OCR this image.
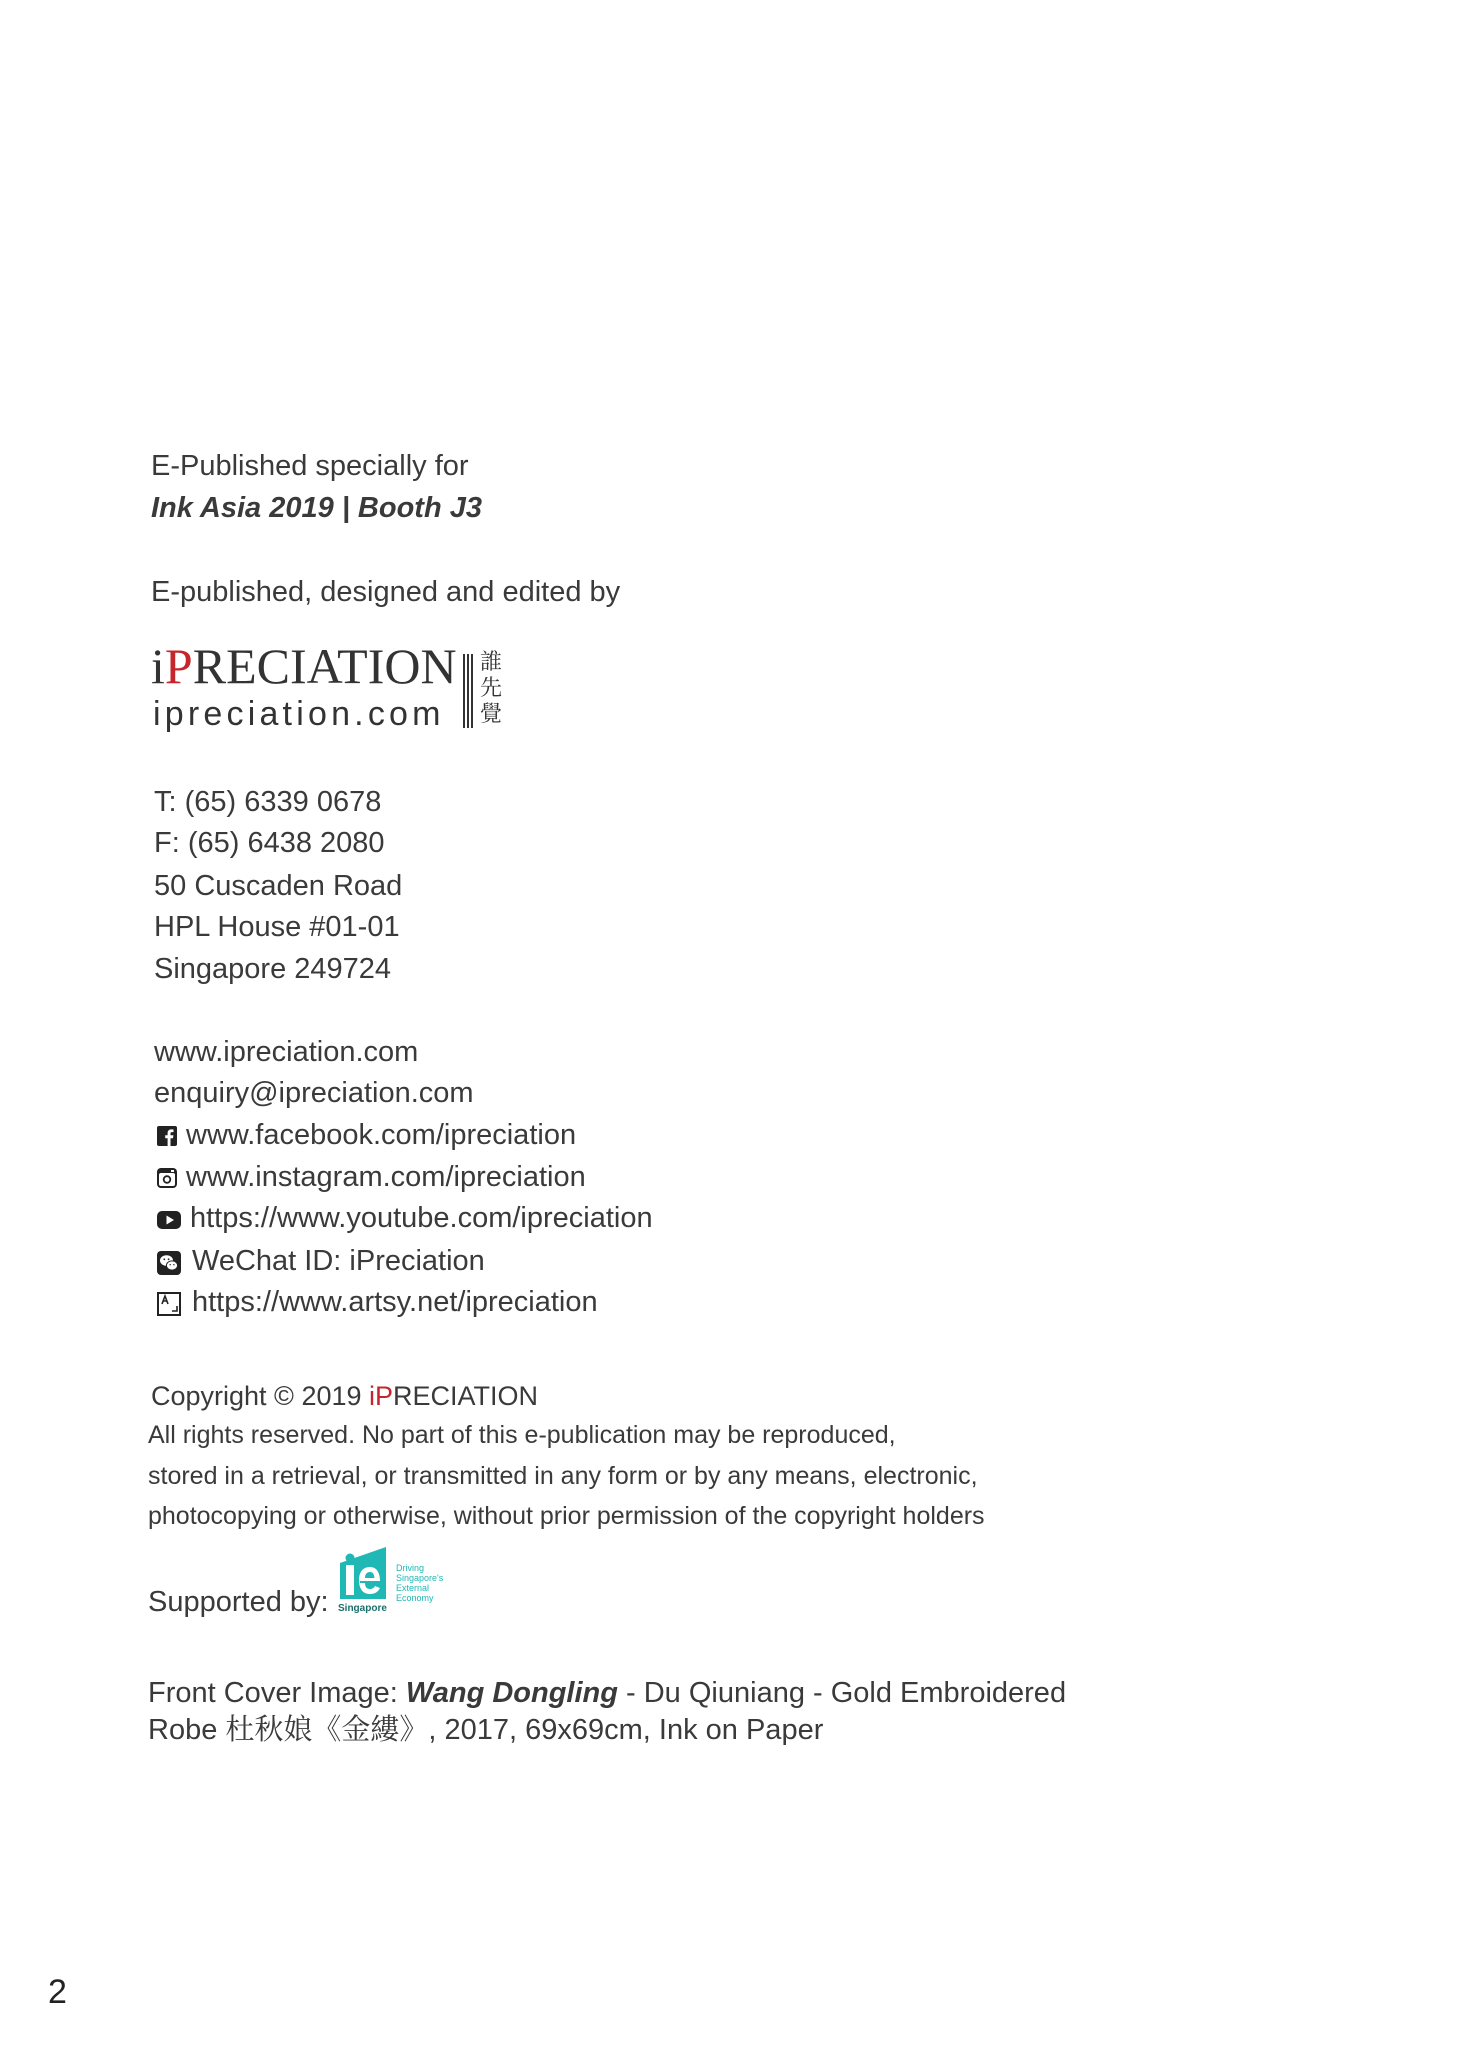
E-Published specially for
Ink Asia 2019 | Booth J3
E-published, designed and edited by
iPRECIATION
ipreciation.com
誰
先
覺
T: (65) 6339 0678
F: (65) 6438 2080
50 Cuscaden Road
HPL House #01-01
Singapore 249724
www.ipreciation.com
enquiry@ipreciation.com
www.facebook.com/ipreciation
www.instagram.com/ipreciation
https://www.youtube.com/ipreciation
WeChat ID: iPreciation
https://www.artsy.net/ipreciation
Copyright © 2019 iPRECIATION
All rights reserved. No part of this e-publication may be reproduced,
stored in a retrieval, or transmitted in any form or by any means, electronic,
photocopying or otherwise, without prior permission of the copyright holders
Supported by: Singapore
Driving
Singapore's
External
Economy
Front Cover Image: Wang Dongling - Du Qiuniang - Gold Embroidered
Robe 杜秋娘《金縷》, 2017, 69x69cm, Ink on Paper
2
